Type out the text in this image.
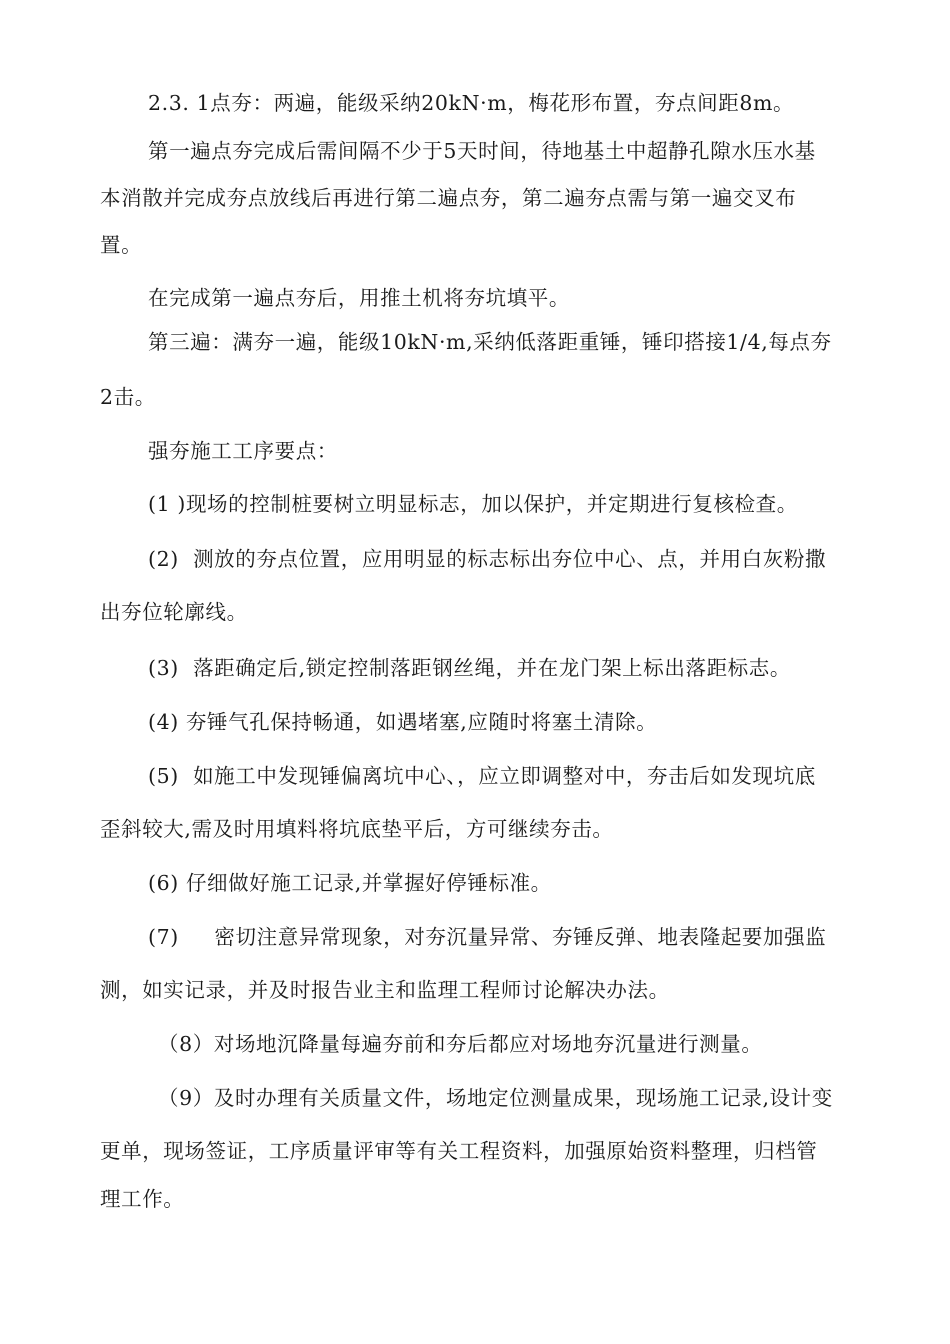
2.3. 1点夯：两遍，能级采纳20kN·m，梅花形布置，夯点间距8m。
第一遍点夯完成后需间隔不少于5天时间，待地基土中超静孔隙水压水基
本消散并完成夯点放线后再进行第二遍点夯，第二遍夯点需与第一遍交叉布
置。
在完成第一遍点夯后，用推土机将夯坑填平。
第三遍：满夯一遍，能级10kN·m,采纳低落距重锤，锤印搭接1/4,每点夯
2击。
强夯施工工序要点：
(1 )现场的控制桩要树立明显标志，加以保护，并定期进行复核检查。
(2)  测放的夯点位置，应用明显的标志标出夯位中心、点，并用白灰粉撒
出夯位轮廓线。
(3)  落距确定后,锁定控制落距钢丝绳，并在龙门架上标出落距标志。
(4) 夯锤气孔保持畅通，如遇堵塞,应随时将塞土清除。
(5)  如施工中发现锤偏离坑中心、，应立即调整对中，夯击后如发现坑底
歪斜较大,需及时用填料将坑底垫平后，方可继续夯击。
(6) 仔细做好施工记录,并掌握好停锤标准。
(7)     密切注意异常现象，对夯沉量异常、夯锤反弹、地表隆起要加强监
测，如实记录，并及时报告业主和监理工程师讨论解决办法。
（8）对场地沉降量每遍夯前和夯后都应对场地夯沉量进行测量。
（9）及时办理有关质量文件，场地定位测量成果，现场施工记录,设计变
更单，现场签证，工序质量评审等有关工程资料，加强原始资料整理，归档管
理工作。
